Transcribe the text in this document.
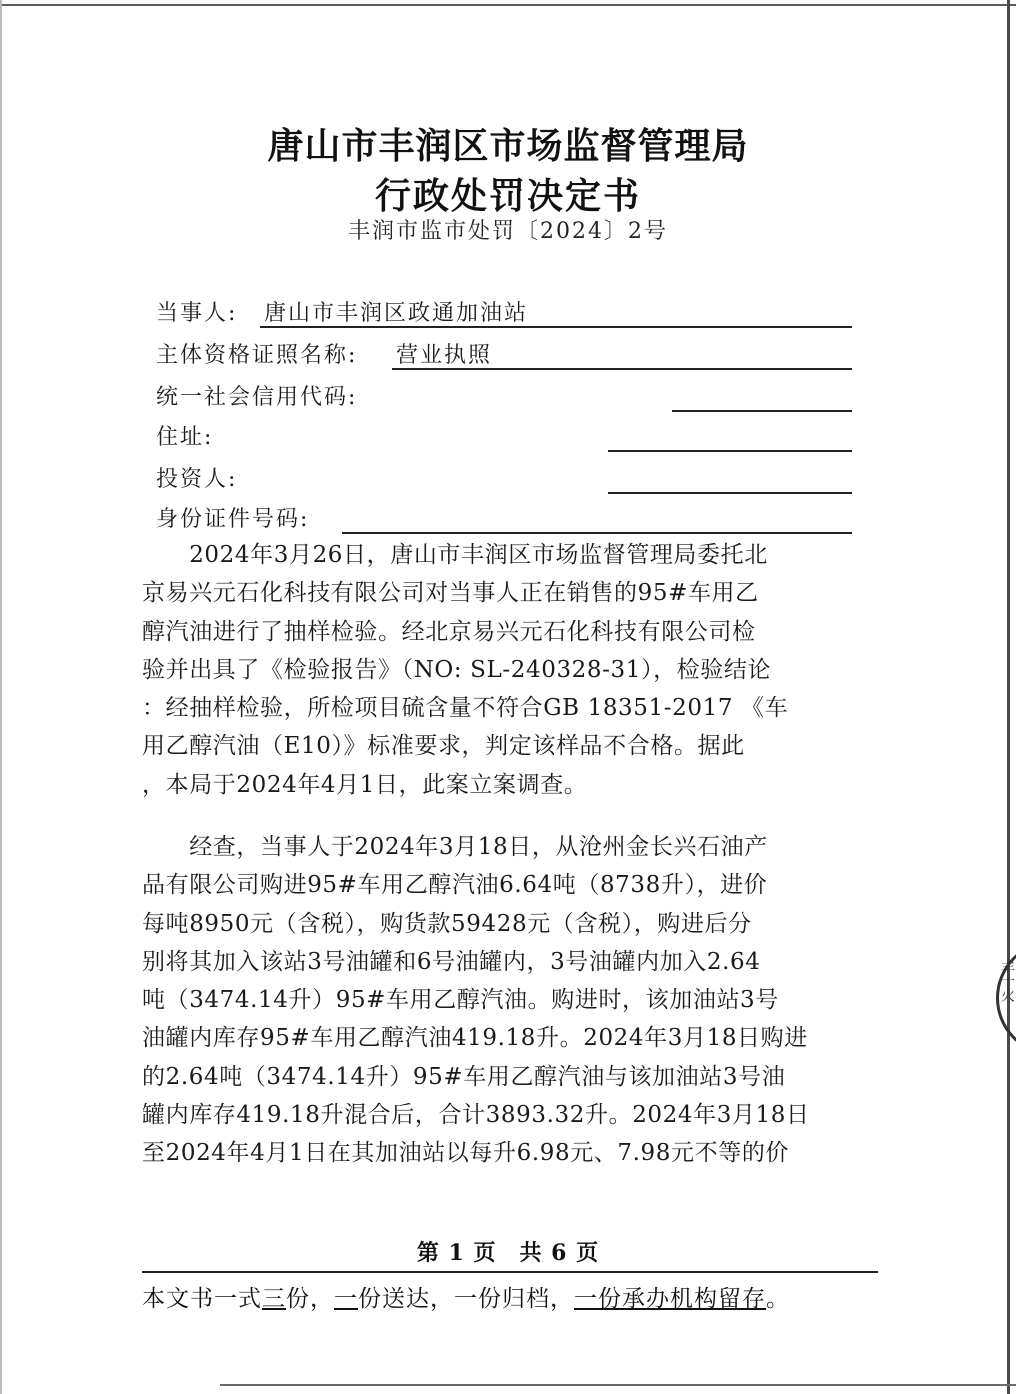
唐山市丰润区市场监督管理局
行政处罚决定书
丰润市监市处罚〔2024〕2号
当事人: 唐山市丰润区政通加油站
主体资格证照名称: 营业执照
统一社会信用代码:
住址:
投资人:
身份证件号码:
　　2024年3月26日，唐山市丰润区市场监督管理局委托北
京易兴元石化科技有限公司对当事人正在销售的95#车用乙
醇汽油进行了抽样检验。经北京易兴元石化科技有限公司检
验并出具了《检验报告》（NO: SL-240328-31），检验结论
：经抽样检验，所检项目硫含量不符合GB 18351-2017 《车
用乙醇汽油（E10）》标准要求，判定该样品不合格。据此
，本局于2024年4月1日，此案立案调查。
　　经查，当事人于2024年3月18日，从沧州金长兴石油产
品有限公司购进95#车用乙醇汽油6.64吨（8738升），进价
每吨8950元（含税），购货款59428元（含税），购进后分
别将其加入该站3号油罐和6号油罐内，3号油罐内加入2.64
吨（3474.14升）95#车用乙醇汽油。购进时，该加油站3号
油罐内库存95#车用乙醇汽油419.18升。2024年3月18日购进
的2.64吨（3474.14升）95#车用乙醇汽油与该加油站3号油
罐内库存419.18升混合后，合计3893.32升。2024年3月18日
至2024年4月1日在其加油站以每升6.98元、7.98元不等的价
丰十火
第 1 页　共 6 页
本文书一式三份，一份送达，一份归档，一份承办机构留存。
